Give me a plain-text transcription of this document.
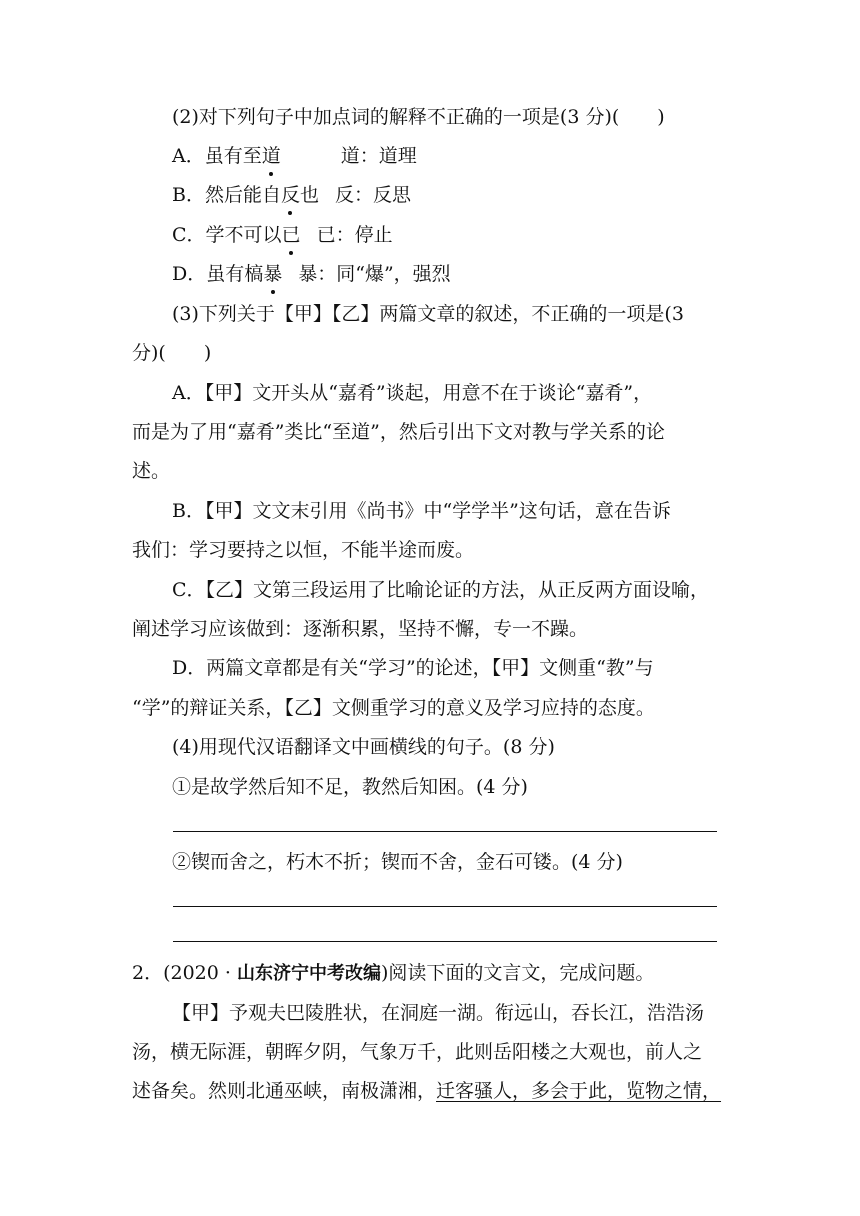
(2)对下列句子中加点词的解释不正确的一项是(3 分)(　　)
A．虽有至道	道：道理
B．然后能自反也 反：反思
C．学不可以已 已：停止
D．虽有槁暴 暴：同“爆”，强烈
(3)下列关于【甲】【乙】两篇文章的叙述，不正确的一项是(3
分)(　　)
A．【甲】文开头从“嘉肴”谈起，用意不在于谈论“嘉肴”，
而是为了用“嘉肴”类比“至道”，然后引出下文对教与学关系的论
述。
B．【甲】文文末引用《尚书》中“学学半”这句话，意在告诉
我们：学习要持之以恒，不能半途而废。
C．【乙】文第三段运用了比喻论证的方法，从正反两方面设喻，
阐述学习应该做到：逐渐积累，坚持不懈，专一不躁。
D．两篇文章都是有关“学习”的论述，【甲】文侧重“教”与
“学”的辩证关系，【乙】文侧重学习的意义及学习应持的态度。
(4)用现代汉语翻译文中画横线的句子。(8 分)
①是故学然后知不足，教然后知困。(4 分)
②锲而舍之，朽木不折；锲而不舍，金石可镂。(4 分)
2．(2020 · 山东济宁中考改编)阅读下面的文言文，完成问题。
【甲】予观夫巴陵胜状，在洞庭一湖。衔远山，吞长江，浩浩汤
汤，横无际涯，朝晖夕阴，气象万千，此则岳阳楼之大观也，前人之
述备矣。然则北通巫峡，南极潇湘，迁客骚人，多会于此，览物之情，
